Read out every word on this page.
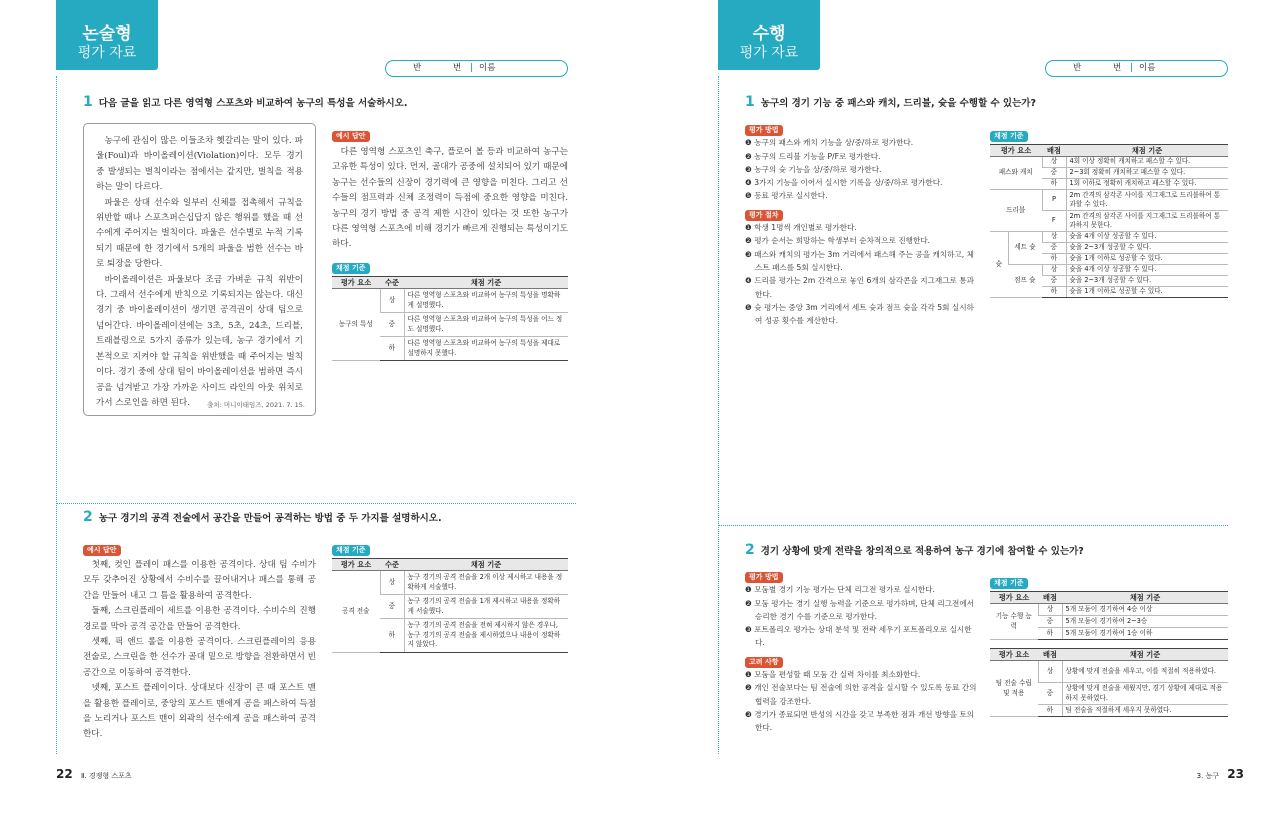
논술형
평가 자료
반	번 | 이름
1 다음 글을 읽고 다른 영역형 스포츠와 비교하여 농구의 특성을 서술하시오.

농구에 관심이 많은 이들조차 헷갈리는 말이 있다. 파울(Foul)과 바이올레이션(Violation)이다. 모두 경기 중 발생되는 벌칙이라는 점에서는 같지만, 벌칙을 적용하는 말이 다르다.

파울은 상대 선수와 일부러 신체를 접촉해서 규칙을 위반할 때나 스포츠퍼슨십답지 않은 행위를 했을 때 선수에게 주어지는 벌칙이다. 파울은 선수별로 누적 기록되기 때문에 한 경기에서 5개의 파울을 범한 선수는 바로 퇴장을 당한다.

바이올레이션은 파울보다 조금 가벼운 규칙 위반이다. 그래서 선수에게 반칙으로 기록되지는 않는다. 대신 경기 중 바이올레이션이 생기면 공격권이 상대 팀으로 넘어간다. 바이올레이션에는 3초, 5초, 24초, 드리블, 트래블링으로 5가지 종류가 있는데, 농구 경기에서 기본적으로 지켜야 할 규칙을 위반했을 때 주어지는 벌칙이다. 경기 중에 상대 팀이 바이올레이션을 범하면 즉시 공을 넘겨받고 가장 가까운 사이드 라인의 아웃 위치로 가서 스로인을 하면 된다.	출처: 머니이태임즈, 2021. 7. 15.
예시 답안

다른 영역형 스포츠인 축구, 플로어 볼 등과 비교하여 농구는 고유한 특성이 있다. 먼저, 골대가 공중에 설치되어 있기 때문에 농구는 선수들의 신장이 경기력에 큰 영향을 미친다. 그리고 선수들의 점프력과 신체 조정력이 득점에 중요한 영향을 미친다. 농구의 경기 방법 중 공격 제한 시간이 있다는 것 또한 농구가 다른 영역형 스포츠에 비해 경기가 빠르게 진행되는 특성이기도 하다.

채점 기준
평가 요소	수준	채점 기준
농구의 특성	상	다른 영역형 스포츠와 비교하여 농구의 특성을 명확하게 설명했다.
	중	다른 영역형 스포츠와 비교하여 농구의 특성을 어느 정도 설명했다.
	하	다른 영역형 스포츠와 비교하여 농구의 특성을 제대로 설명하지 못했다.
2 농구 경기의 공격 전술에서 공간을 만들어 공격하는 방법 중 두 가지를 설명하시오.
예시 답안

첫째, 컷인 플레이 패스를 이용한 공격이다. 상대 팀 수비가 모두 갖추어진 상황에서 수비수를 끌어내거나 패스를 통해 공간을 만들어 내고 그 틈을 활용하여 공격한다.

둘째, 스크린플레이 세트를 이용한 공격이다. 수비수의 진행 경로를 막아 공격 공간을 만들어 공격한다.

셋째, 픽 앤드 롤을 이용한 공격이다. 스크린플레이의 응용 전술로, 스크린을 한 선수가 골대 밑으로 방향을 전환하면서 빈 공간으로 이동하여 공격한다.

넷째, 포스트 플레이이다. 상대보다 신장이 큰 때 포스트 맨을 활용한 플레이로, 중앙의 포스트 맨에게 공을 패스하여 득점을 노리거나 포스트 맨이 외곽의 선수에게 공을 패스하여 공격한다.

채점 기준
평가 요소	수준	채점 기준
공격 전술	상	농구 경기의 공격 전술을 2개 이상 제시하고 내용을 정확하게 서술했다.
	중	농구 경기의 공격 전술을 1개 제시하고 내용을 정확하게 서술했다.
	하	농구 경기의 공격 전술을 전혀 제시하지 않은 경우나, 농구 경기의 공격 전술을 제시하였으나 내용이 정확하지 않았다.
22 Ⅱ. 경쟁형 스포츠
수행
평가 자료
반	번 | 이름
1 농구의 경기 기능 중 패스와 캐치, 드리블, 슛을 수행할 수 있는가?
평가 방법
❶ 농구의 패스와 캐치 기능을 상/중/하로 평가한다.
❷ 농구의 드리블 기능을 P/F로 평가한다.
❸ 농구의 슛 기능을 상/중/하로 평가한다.
❹ 3가지 기능을 이어서 실시한 기록을 상/중/하로 평가한다.
❺ 동료 평가로 실시한다.
평가 절차
❶ 학생 1명씩 개인별로 평가한다.
❷ 평가 순서는 희망하는 학생부터 순차적으로 진행한다.
❸ 패스와 캐치의 평가는 3m 거리에서 패스해 주는 공을 캐치하고, 체스트 패스를 5회 실시한다.
❹ 드리블 평가는 2m 간격으로 놓인 6개의 삼각콘을 지그재그로 통과한다.
❺ 슛 평가는 중앙 3m 거리에서 세트 슛과 점프 슛을 각각 5회 실시하여 성공 횟수를 계산한다.
채점 기준
평가 요소		배점	채점 기준
패스와 캐치		상	4회 이상 정확히 캐치하고 패스할 수 있다.
		중	2~3회 정확히 캐치하고 패스할 수 있다.
		하	1회 이하로 정확히 캐치하고 패스할 수 있다.
드리블		P	2m 간격의 삼각콘 사이를 지그재그로 드리블하여 통과할 수 있다.
		F	2m 간격의 삼각콘 사이를 지그재그로 드리블하여 통과하지 못한다.
슛	세트 슛	상	슛을 4개 이상 성공할 수 있다.
		중	슛을 2~3개 성공할 수 있다.
		하	슛을 1개 이하로 성공할 수 있다.
	점프 슛	상	슛을 4개 이상 성공할 수 있다.
		중	슛을 2~3개 성공할 수 있다.
		하	슛을 1개 이하로 성공할 수 있다.
2 경기 상황에 맞게 전략을 창의적으로 적용하여 농구 경기에 참여할 수 있는가?
평가 방법
❶ 모둠별 경기 기능 평가는 단체 리그전 평가로 실시한다.
❷ 모둠 평가는 경기 실행 능력을 기준으로 평가하며, 단체 리그전에서 승리한 경기 수를 기준으로 평가한다.
❸ 포트폴리오 평가는 상대 분석 및 전략 세우기 포트폴리오로 실시한다.
고려 사항
❶ 모둠을 편성할 때 모둠 간 실력 차이를 최소화한다.
❷ 개인 전술보다는 팀 전술에 의한 공격을 실시할 수 있도록 동료 간의 협력을 강조한다.
❸ 경기가 종료되면 반성의 시간을 갖고 부족한 점과 개선 방향을 토의한다.
채점 기준
평가 요소	배점	채점 기준
기능 수행 능력	상	5개 모둠이 경기하여 4승 이상
	중	5개 모둠이 경기하여 2~3승
	하	5개 모둠이 경기하여 1승 이하
평가 요소	배점	채점 기준
팀 전술 수립 및 적용	상	상황에 맞게 전술을 세우고, 이를 적절히 적용하였다.
	중	상황에 맞게 전술을 세웠지만, 경기 상황에 제대로 적용하지 못하였다.
	하	팀 전술을 적절하게 세우지 못하였다.
3. 농구 23
